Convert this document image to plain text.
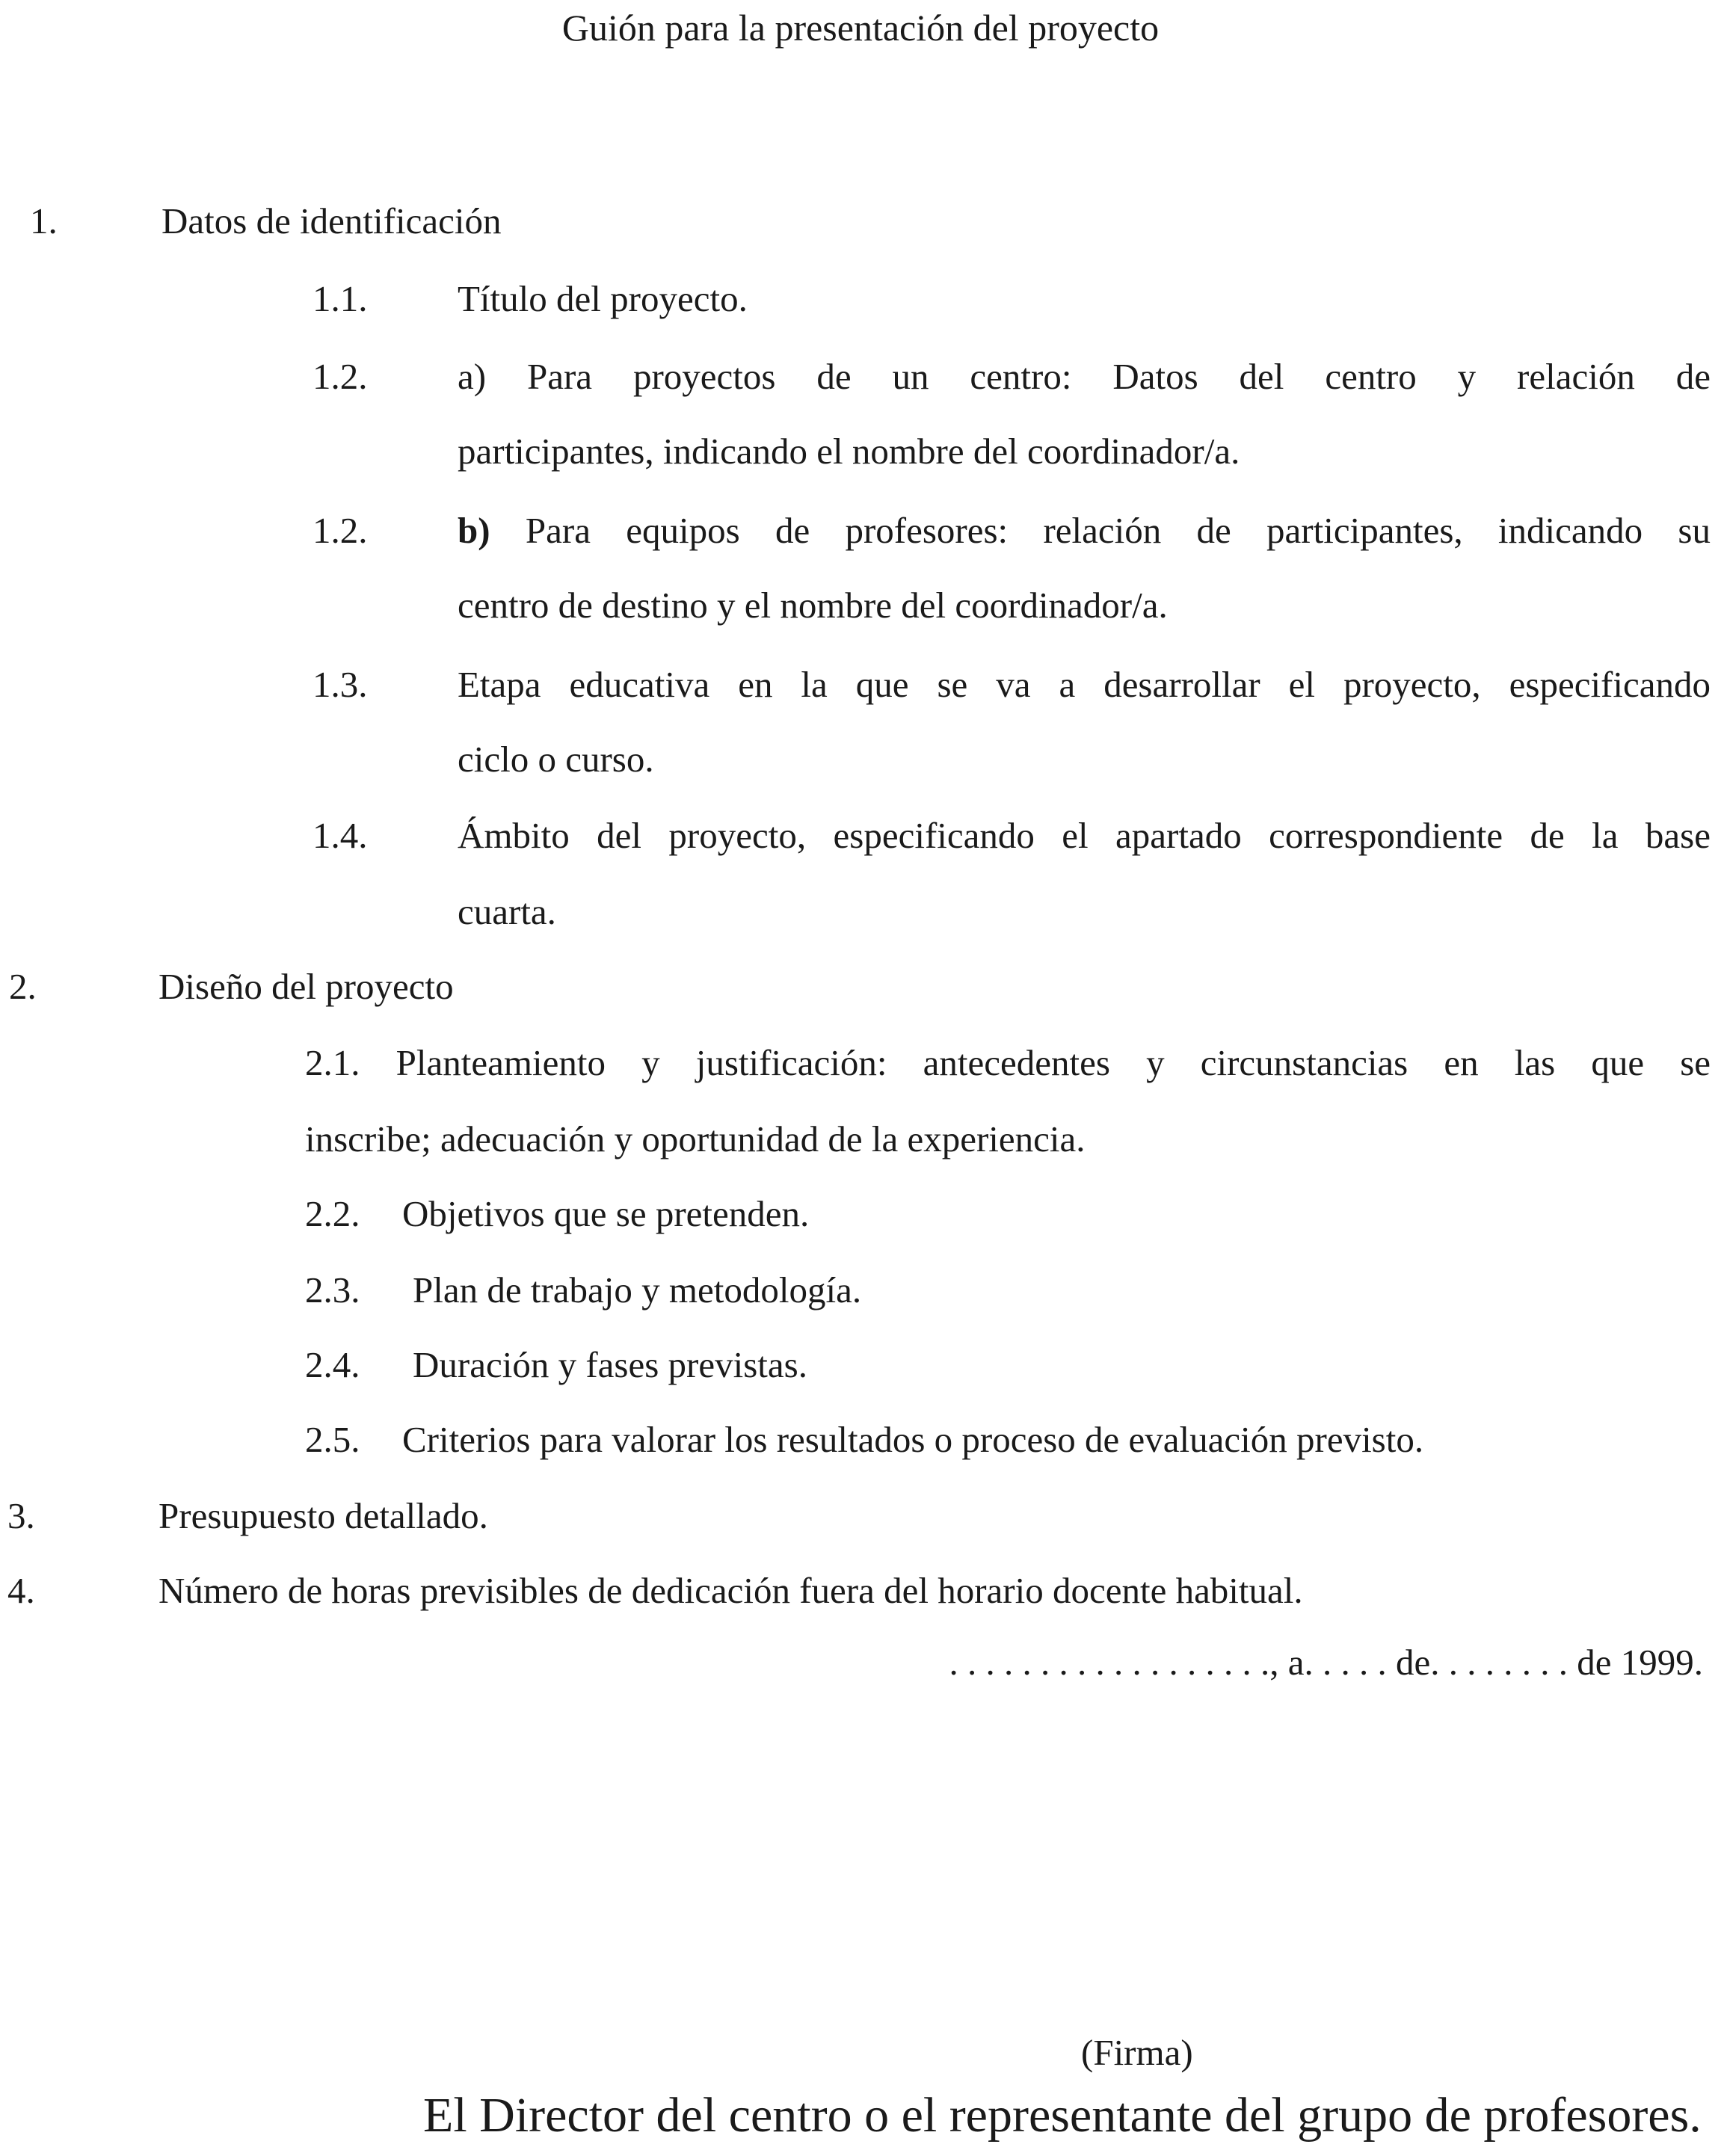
Guión para la presentación del proyecto
1.	Datos de identificación
1.1. Título del proyecto.
1.2. a) Para proyectos de un centro: Datos del centro y relación de
participantes, indicando el nombre del coordinador/a.
1.2. b) Para equipos de profesores: relación de participantes, indicando su
centro de destino y el nombre del coordinador/a.
1.3. Etapa educativa en la que se va a desarrollar el proyecto, especificando
ciclo o curso.
1.4. Ámbito del proyecto, especificando el apartado correspondiente de la base
cuarta.
2.	Diseño del proyecto
2.1. Planteamiento y justificación: antecedentes y circunstancias en las que se
inscribe; adecuación y oportunidad de la experiencia.
2.2. Objetivos que se pretenden.
2.3. Plan de trabajo y metodología.
2.4. Duración y fases previstas.
2.5. Criterios para valorar los resultados o proceso de evaluación previsto.
3.	Presupuesto detallado.
4.	Número de horas previsibles de dedicación fuera del horario docente habitual.
. . . . . . . . . . . . . . . . . ., a. . . . . de. . . . . . . . de 1999.
(Firma)
El Director del centro o el representante del grupo de profesores.
